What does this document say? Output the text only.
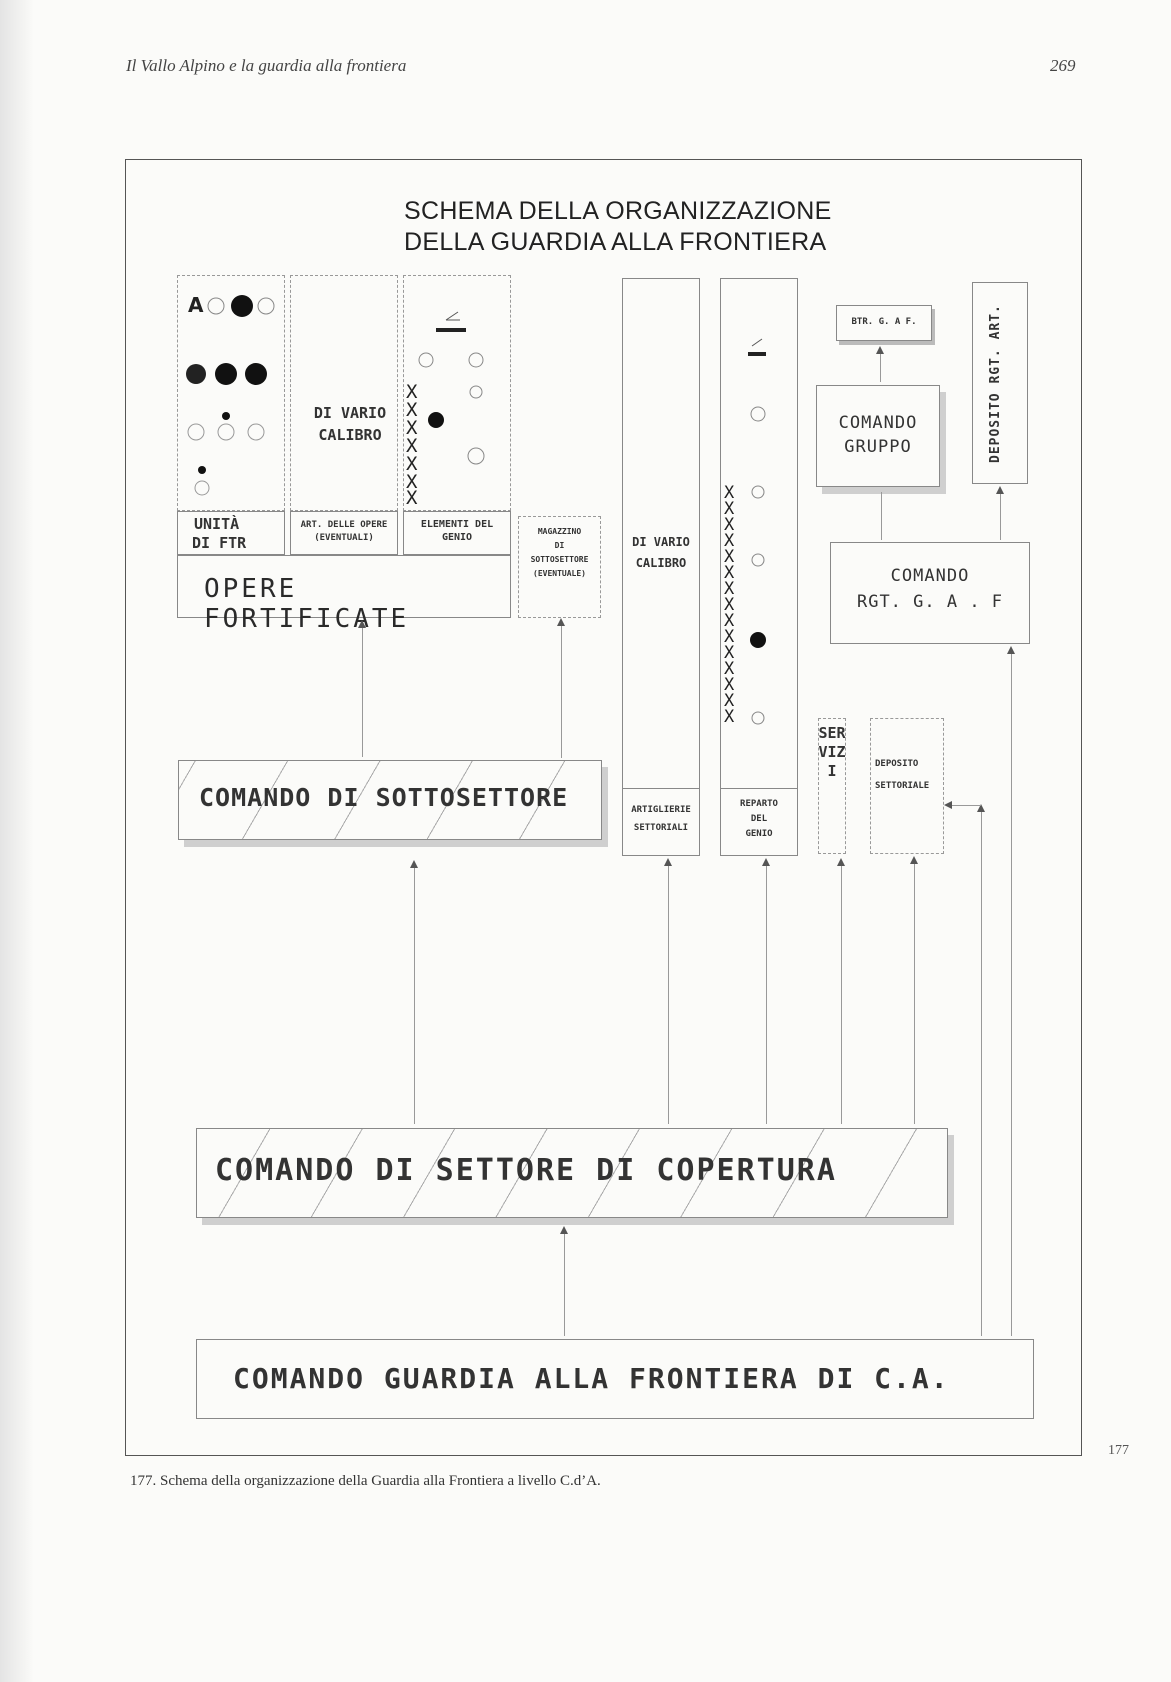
Il Vallo Alpino e la guardia alla frontiera	269
SCHEMA DELLA ORGANIZZAZIONE
DELLA GUARDIA ALLA FRONTIERA
A
DI VARIO
CALIBRO
X
X
X
X
X
X
X
UNITÀ
DI FTR
ART. DELLE OPERE
(EVENTUALI)
ELEMENTI DEL
GENIO
OPERE FORTIFICATE
MAGAZZINO
DI
SOTTOSETTORE
(EVENTUALE)
DI VARIO
CALIBRO
ARTIGLIERIE
SETTORIALI
X
X
X
X
X
X
X
X
X
X
X
X
X
X
X
REPARTO
DEL
GENIO
SERVIZI	DEPOSITO
SETTORIALE
BTR. G. A F.
COMANDO
GRUPPO	DEPOSITO RGT. ART.
COMANDO
RGT. G. A . F
COMANDO DI SOTTOSETTORE
COMANDO DI SETTORE DI COPERTURA
COMANDO GUARDIA ALLA FRONTIERA DI C.A.
177
177. Schema della organizzazione della Guardia alla Frontiera a livello C.d’A.
